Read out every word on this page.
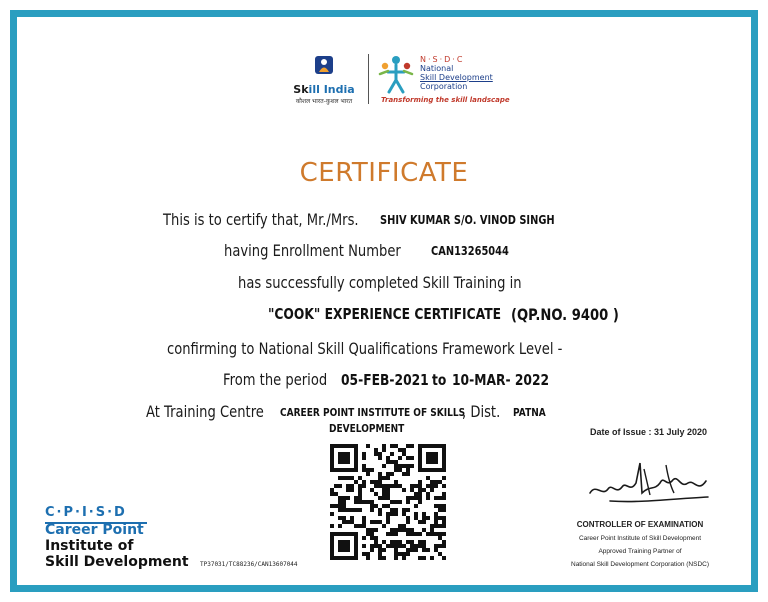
Skill India
कौशल भारत-कुशल भारत
N·S·D·C
National
Skill Development
Corporation
Transforming the skill landscape
CERTIFICATE
This is to certify that, Mr./Mrs. SHIV KUMAR S/O. VINOD SINGH
having Enrollment Number	CAN13265044
has successfully completed Skill Training in
"COOK" EXPERIENCE CERTIFICATE (QP.NO. 9400 )
confirming to National Skill Qualifications Framework Level -
From the period 05-FEB-2021 to 10-MAR- 2022
At Training Centre CAREER POINT INSTITUTE OF SKILLS
DEVELOPMENT
, Dist. PATNA
Date of Issue : 31 July 2020
C·P·I·S·D
Career Point
Institute of
Skill Development TP37031/TC88236/CAN13607044
CONTROLLER OF EXAMINATION
Career Point Institute of Skill Development
Approved Training Partner of
National Skill Development Corporation (NSDC)
